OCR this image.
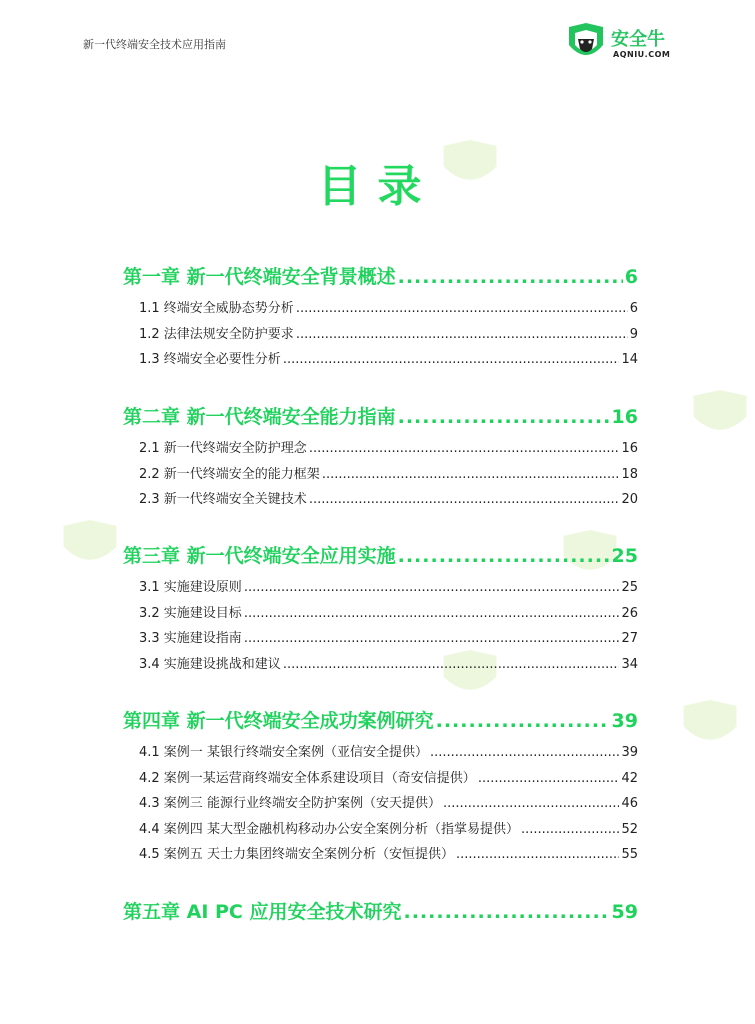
新一代终端安全技术应用指南	安全牛
AQNIU.COM
目录
第一章 新一代终端安全背景概述 .....	6
1.1 终端安全威胁态势分析 .....	6
1.2 法律法规安全防护要求 .....	9
1.3 终端安全必要性分析 .....	14
第二章 新一代终端安全能力指南 .....	16
2.1 新一代终端安全防护理念 .....	16
2.2 新一代终端安全的能力框架 .....	18
2.3 新一代终端安全关键技术 .....	20
第三章 新一代终端安全应用实施 .....	25
3.1 实施建设原则 .....	25
3.2 实施建设目标 .....	26
3.3 实施建设指南 .....	27
3.4 实施建设挑战和建议 .....	34
第四章 新一代终端安全成功案例研究 .....	39
4.1 案例一 某银行终端安全案例（亚信安全提供） .....	39
4.2 案例一某运营商终端安全体系建设项目（奇安信提供） .....	42
4.3 案例三 能源行业终端安全防护案例（安天提供） .....	46
4.4 案例四 某大型金融机构移动办公安全案例分析（指掌易提供） .....	52
4.5 案例五 天士力集团终端安全案例分析（安恒提供） .....	55
第五章 AI PC 应用安全技术研究 .....	59
